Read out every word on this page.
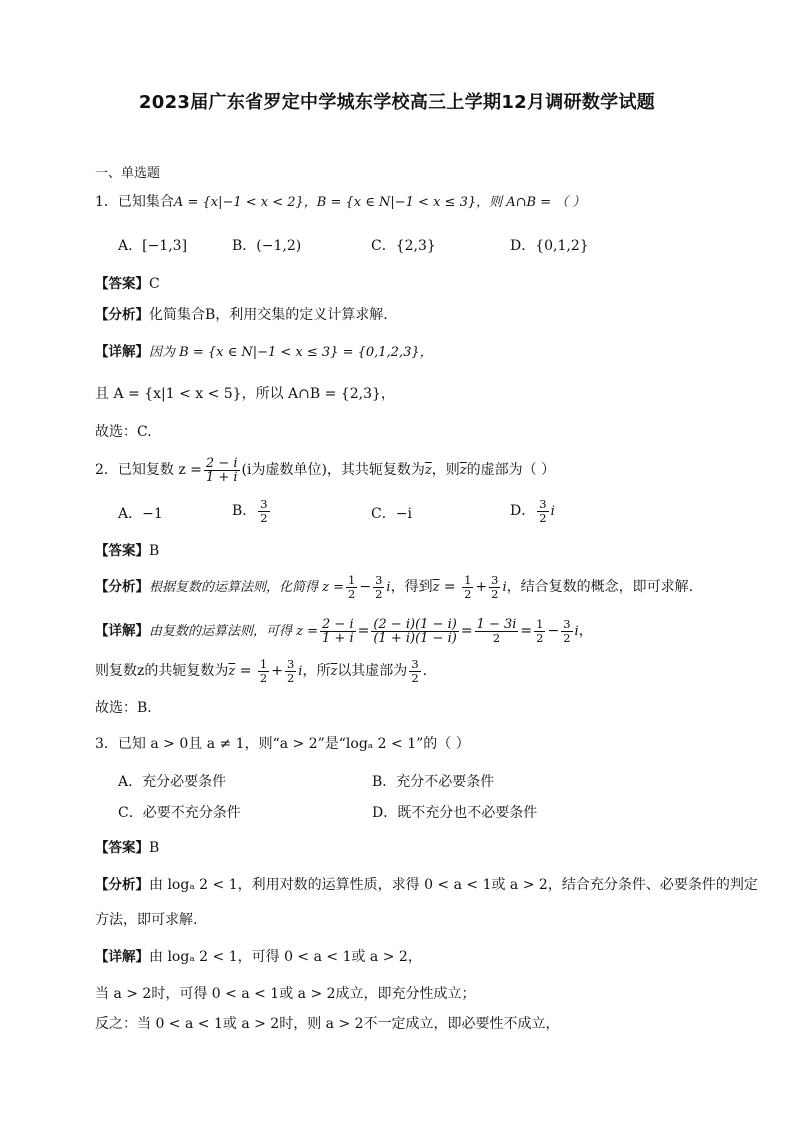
2023届广东省罗定中学城东学校高三上学期12月调研数学试题
一、单选题
1．已知集合A = {x|−1 < x < 2}，B = {x ∈ N|−1 < x ≤ 3}，则 A∩B = （ ）
A．[−1,3]	B．(−1,2)	C．{2,3}	D．{0,1,2}
【答案】C
【分析】化简集合B，利用交集的定义计算求解.
【详解】因为 B = {x ∈ N|−1 < x ≤ 3} = {0,1,2,3}，
且 A = {x|1 < x < 5}，所以 A∩B = {2,3}，
故选：C.
2．已知复数 $z = \frac{2 - i}{1 + i} (i$为虚数单位)，其共轭复数为$\overline{z}$，则$\overline{z}$的虚部为（ ）
A．−1	B． $\frac{3}{2}$	C．−i	D． $\frac{3}{2}$ i
【答案】B
【分析】根据复数的运算法则，化简得 $z = \frac{1}{2} - \frac{3}{2}$ i，得到$\overline{z} = \frac{1}{2} + \frac{3}{2}$ i，结合复数的概念，即可求解.
【详解】由复数的运算法则，可得 $z = \frac{2 - i}{1 + i} = \frac{(2 - i)(1 - i)}{(1 + i)(1 - i)} = \frac{1 - 3i}{2} = \frac{1}{2} - \frac{3}{2}$ i，
则复数z的共轭复数为$\overline{z} = \frac{1}{2} + \frac{3}{2}$ i，所$\overline{z}$以其虚部为 $\frac{3}{2}$ .
故选：B.
3．已知 a > 0且 a ≠ 1，则“a > 2”是“logₐ 2 < 1”的（ ）
A．充分必要条件	B．充分不必要条件
C．必要不充分条件	D．既不充分也不必要条件
【答案】B
【分析】由 logₐ 2 < 1，利用对数的运算性质，求得 0 < a < 1或 a > 2，结合充分条件、必要条件的判定
方法，即可求解.
【详解】由 logₐ 2 < 1，可得 0 < a < 1或 a > 2，
当 a > 2时，可得 0 < a < 1或 a > 2成立，即充分性成立；
反之：当 0 < a < 1或 a > 2时，则 a > 2不一定成立，即必要性不成立，
